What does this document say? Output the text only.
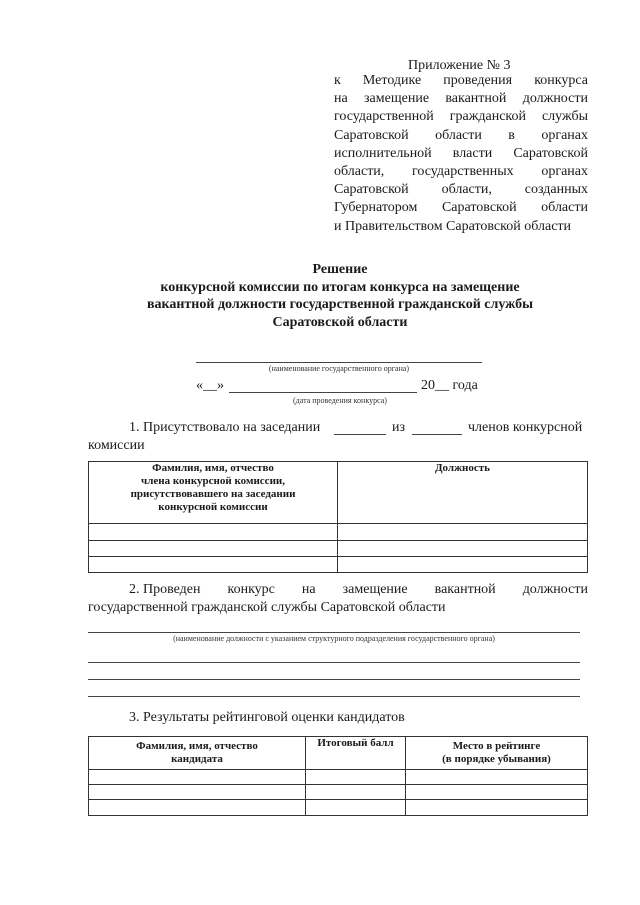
Приложение № 3
к Методике проведения конкурса
на замещение вакантной должности
государственной гражданской службы
Саратовской области в органах
исполнительной власти Саратовской
области, государственных органах
Саратовской области, созданных
Губернатором Саратовской области
и Правительством Саратовской области
Решение
конкурсной комиссии по итогам конкурса на замещение
вакантной должности государственной гражданской службы
Саратовской области
(наименование государственного органа)
«__»	20__ года
(дата проведения конкурса)
1. Присутствовало на заседании	из	членов конкурсной
комиссии
Фамилия, имя, отчество
члена конкурсной комиссии,
присутствовавшего на заседании
конкурсной комиссии	Должность

2. Проведен конкурс на замещение вакантной должности
государственной гражданской службы Саратовской области
(наименование должности с указанием структурного подразделения государственного органа)
3. Результаты рейтинговой оценки кандидатов
Фамилия, имя, отчество
кандидата	Итоговый балл	Место в рейтинге
(в порядке убывания)
